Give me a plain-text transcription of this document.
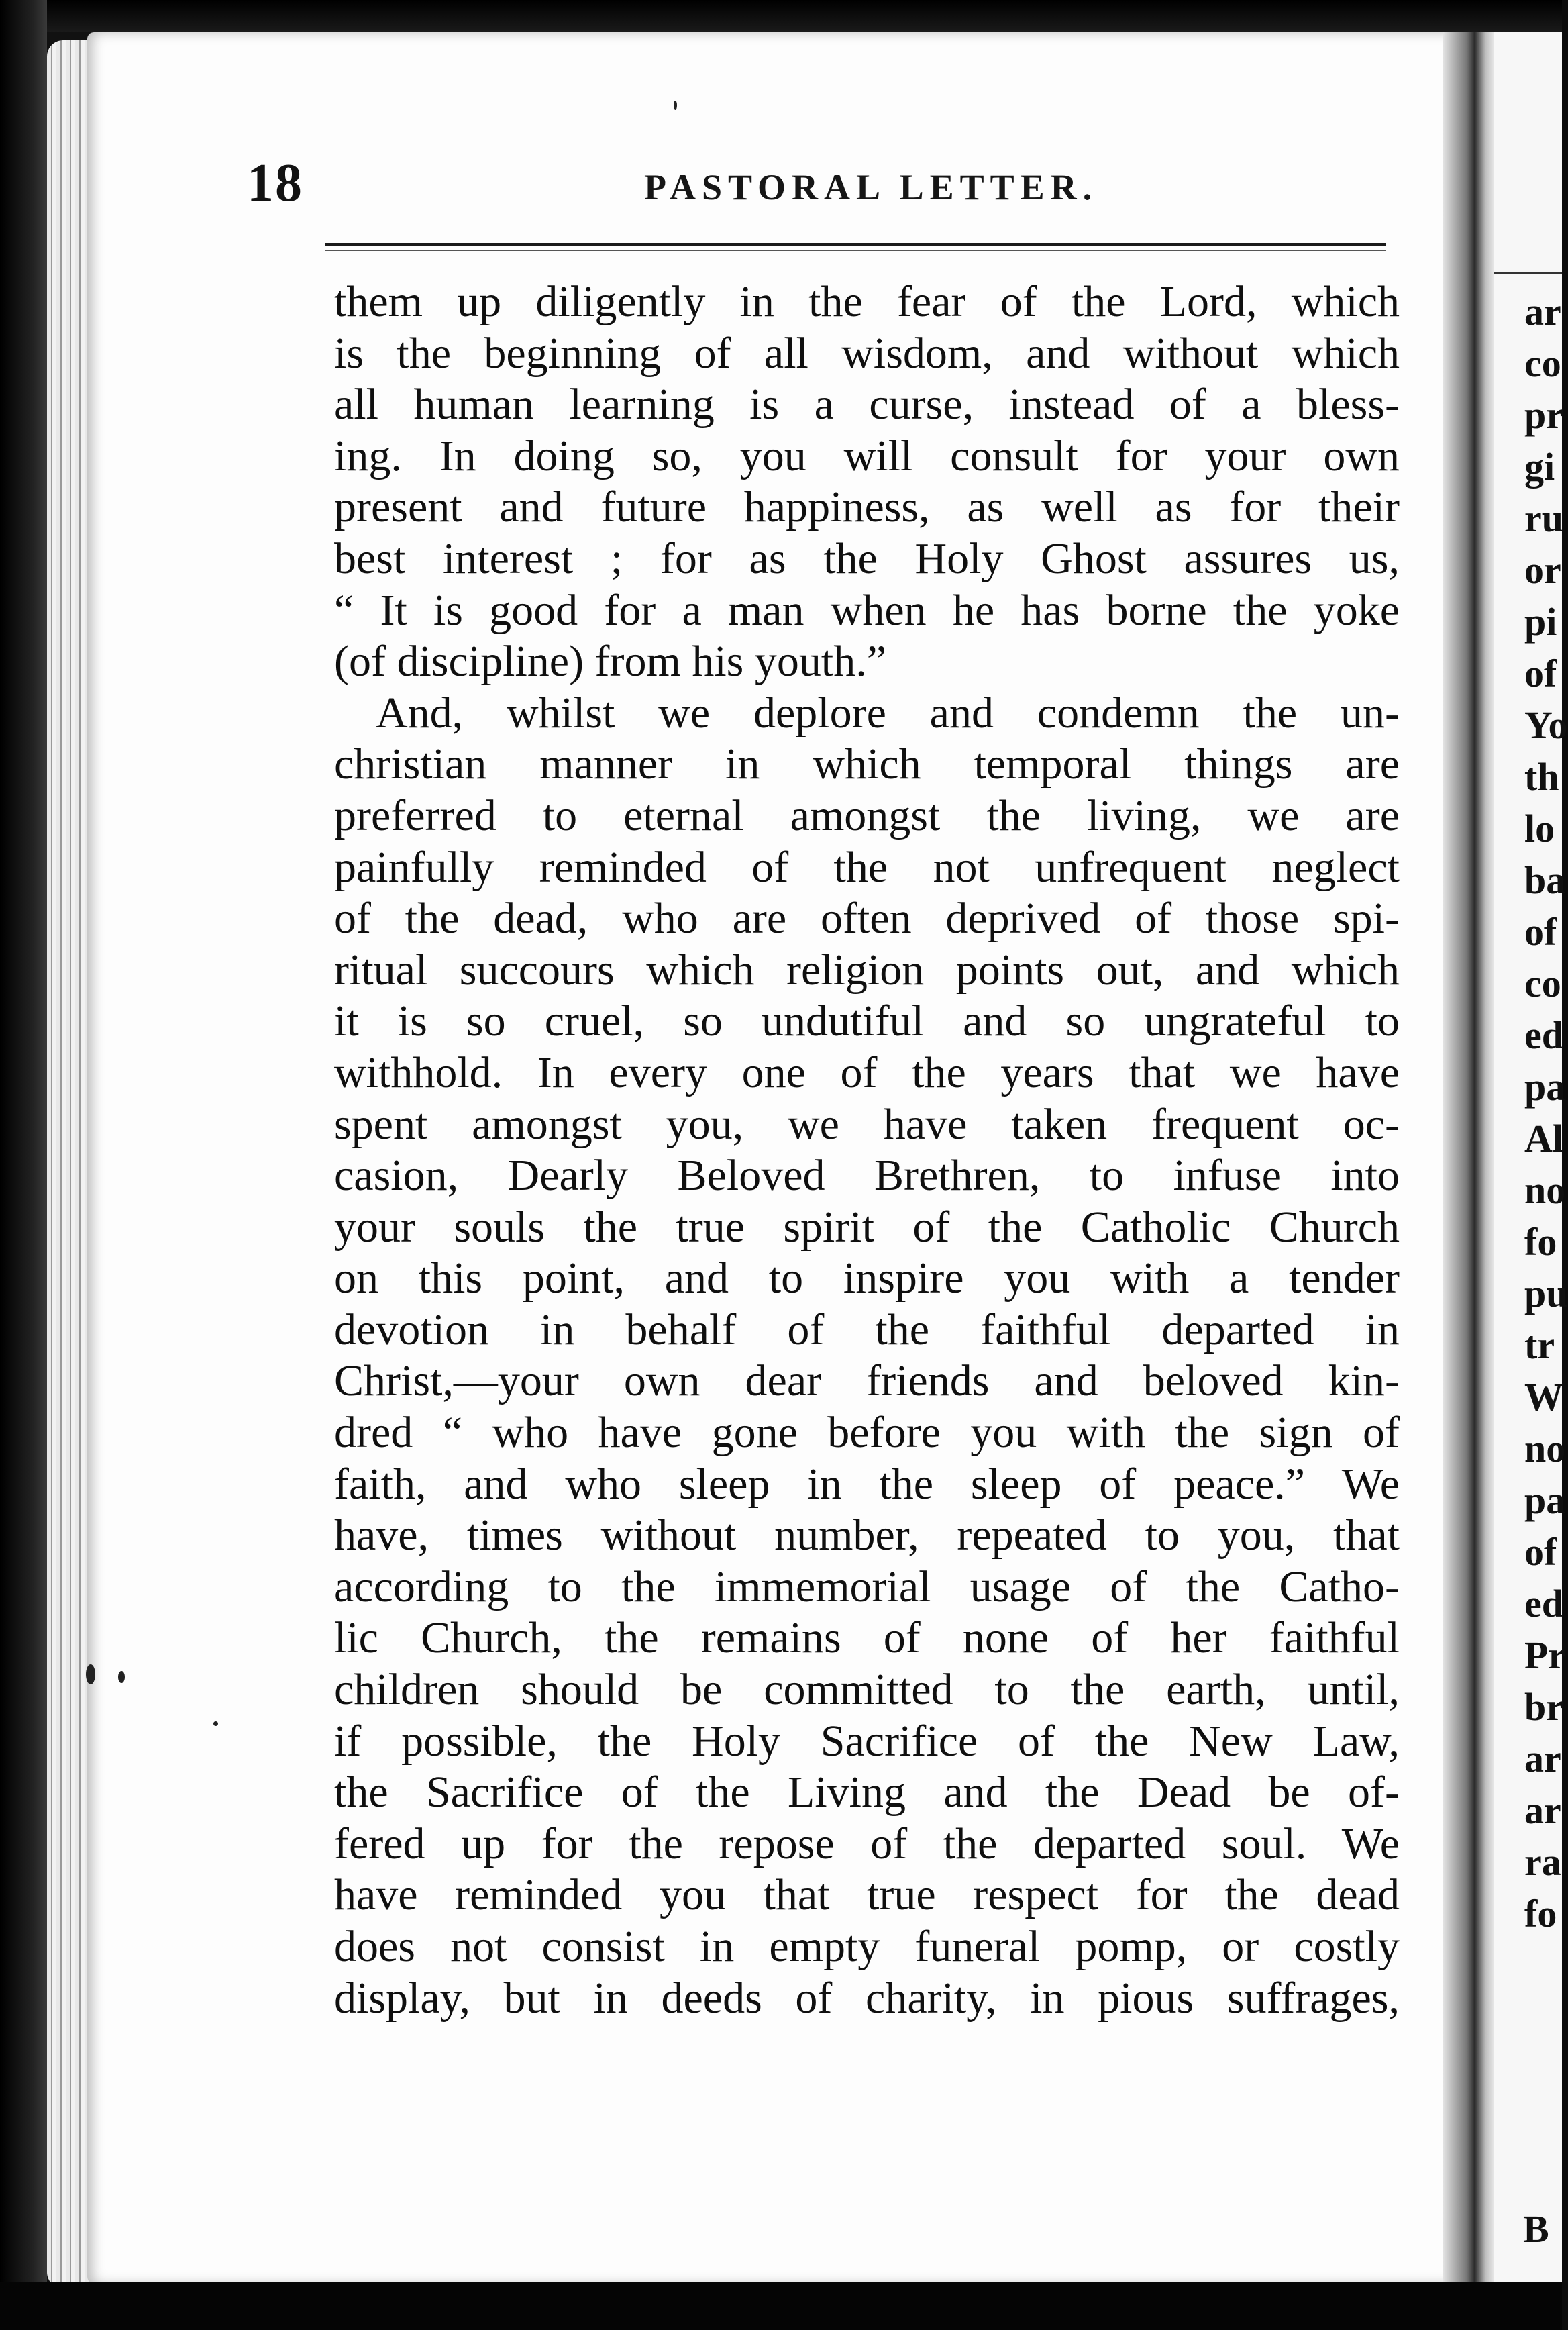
18	PASTORAL LETTER.
them up diligently in the fear of the Lord, which
is the beginning of all wisdom, and without which
all human learning is a curse, instead of a bless-
ing. In doing so, you will consult for your own
present and future happiness, as well as for their
best interest ; for as the Holy Ghost assures us,
“ It is good for a man when he has borne the yoke
(of discipline) from his youth.”
And, whilst we deplore and condemn the un-
christian manner in which temporal things are
preferred to eternal amongst the living, we are
painfully reminded of the not unfrequent neglect
of the dead, who are often deprived of those spi-
ritual succours which religion points out, and which
it is so cruel, so undutiful and so ungrateful to
withhold. In every one of the years that we have
spent amongst you, we have taken frequent oc-
casion, Dearly Beloved Brethren, to infuse into
your souls the true spirit of the Catholic Church
on this point, and to inspire you with a tender
devotion in behalf of the faithful departed in
Christ,—your own dear friends and beloved kin-
dred “ who have gone before you with the sign of
faith, and who sleep in the sleep of peace.” We
have, times without number, repeated to you, that
according to the immemorial usage of the Catho-
lic Church, the remains of none of her faithful
children should be committed to the earth, until,
if possible, the Holy Sacrifice of the New Law,
the Sacrifice of the Living and the Dead be of-
fered up for the repose of the departed soul. We
have reminded you that true respect for the dead
does not consist in empty funeral pomp, or costly
display, but in deeds of charity, in pious suffrages,
ar
co
pr
gi
ru
or
pi
of
Yo
th
lo
ba
of
co
ed
pa
Al
no
fo
pu
tr
W
no
pa
of
ed
Pr
br
ar
ar
ra
fo
B
